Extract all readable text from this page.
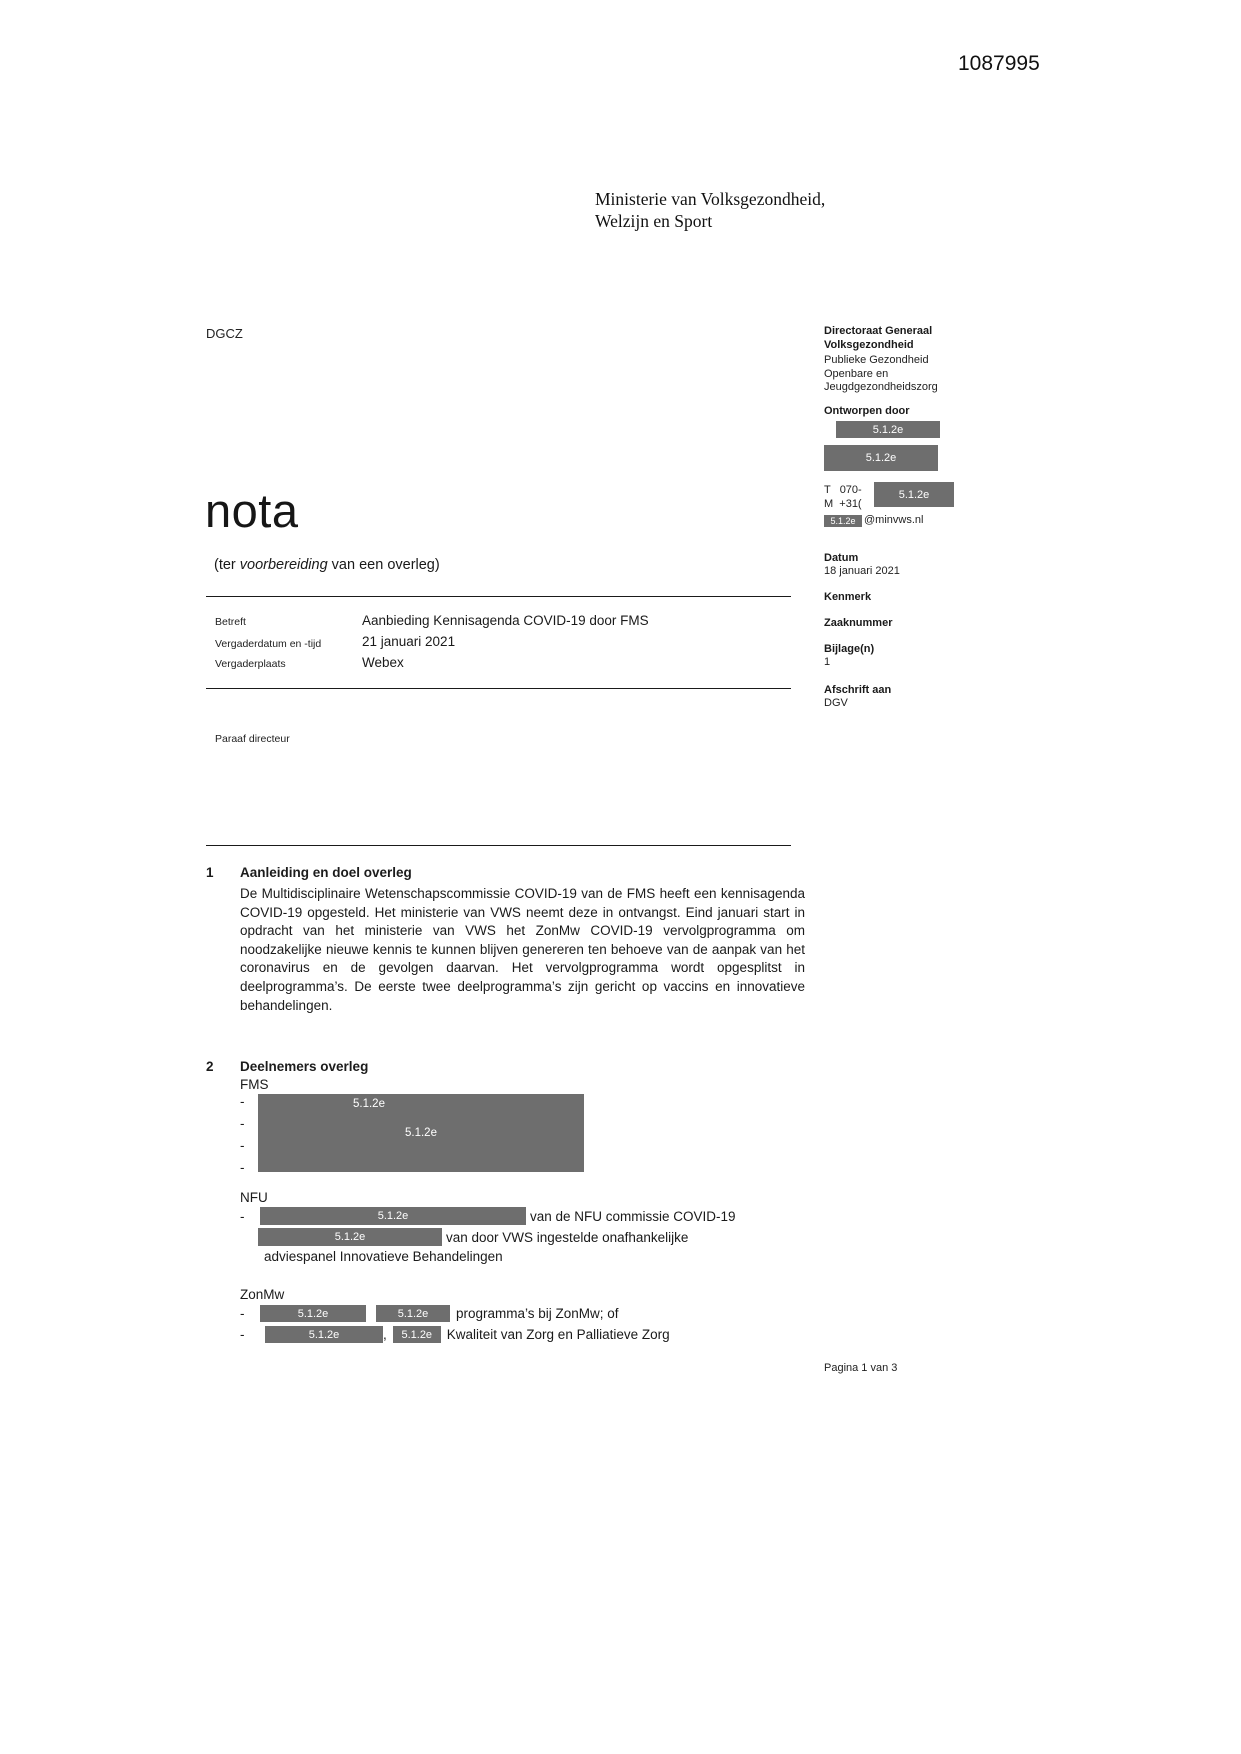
1087995
Ministerie van Volksgezondheid,
Welzijn en Sport
DGCZ	Directoraat Generaal
Volksgezondheid
Publieke Gezondheid
Openbare en
Jeugdgezondheidszorg
Ontworpen door
5.1.2e
5.1.2e
T   070-	5.1.2e
M  +31(
5.1.2e @minvws.nl
Datum
18 januari 2021
Kenmerk
Zaaknummer
Bijlage(n)
1
Afschrift aan
DGV
nota
(ter voorbereiding van een overleg)
Betreft	Aanbieding Kennisagenda COVID-19 door FMS
Vergaderdatum en -tijd	21 januari 2021
Vergaderplaats	Webex
Paraaf directeur
1 Aanleiding en doel overleg
De Multidisciplinaire Wetenschapscommissie COVID-19 van de FMS heeft een kennisagenda COVID-19 opgesteld. Het ministerie van VWS neemt deze in ontvangst. Eind januari start in opdracht van het ministerie van VWS het ZonMw COVID-19 vervolgprogramma om noodzakelijke nieuwe kennis te kunnen blijven genereren ten behoeve van de aanpak van het coronavirus en de gevolgen daarvan. Het vervolgprogramma wordt opgesplitst in deelprogramma’s. De eerste twee deelprogramma’s zijn gericht op vaccins en innovatieve behandelingen.
2 Deelnemers overleg
FMS
-
-
-
-
5.1.2e
5.1.2e
NFU
-	5.1.2e	van de NFU commissie COVID-19
5.1.2e	van door VWS ingestelde onafhankelijke
adviespanel Innovatieve Behandelingen
ZonMw
-	5.1.2e	5.1.2e	programma’s bij ZonMw; of
-	5.1.2e	,	5.1.2e	Kwaliteit van Zorg en Palliatieve Zorg
Pagina 1 van 3
